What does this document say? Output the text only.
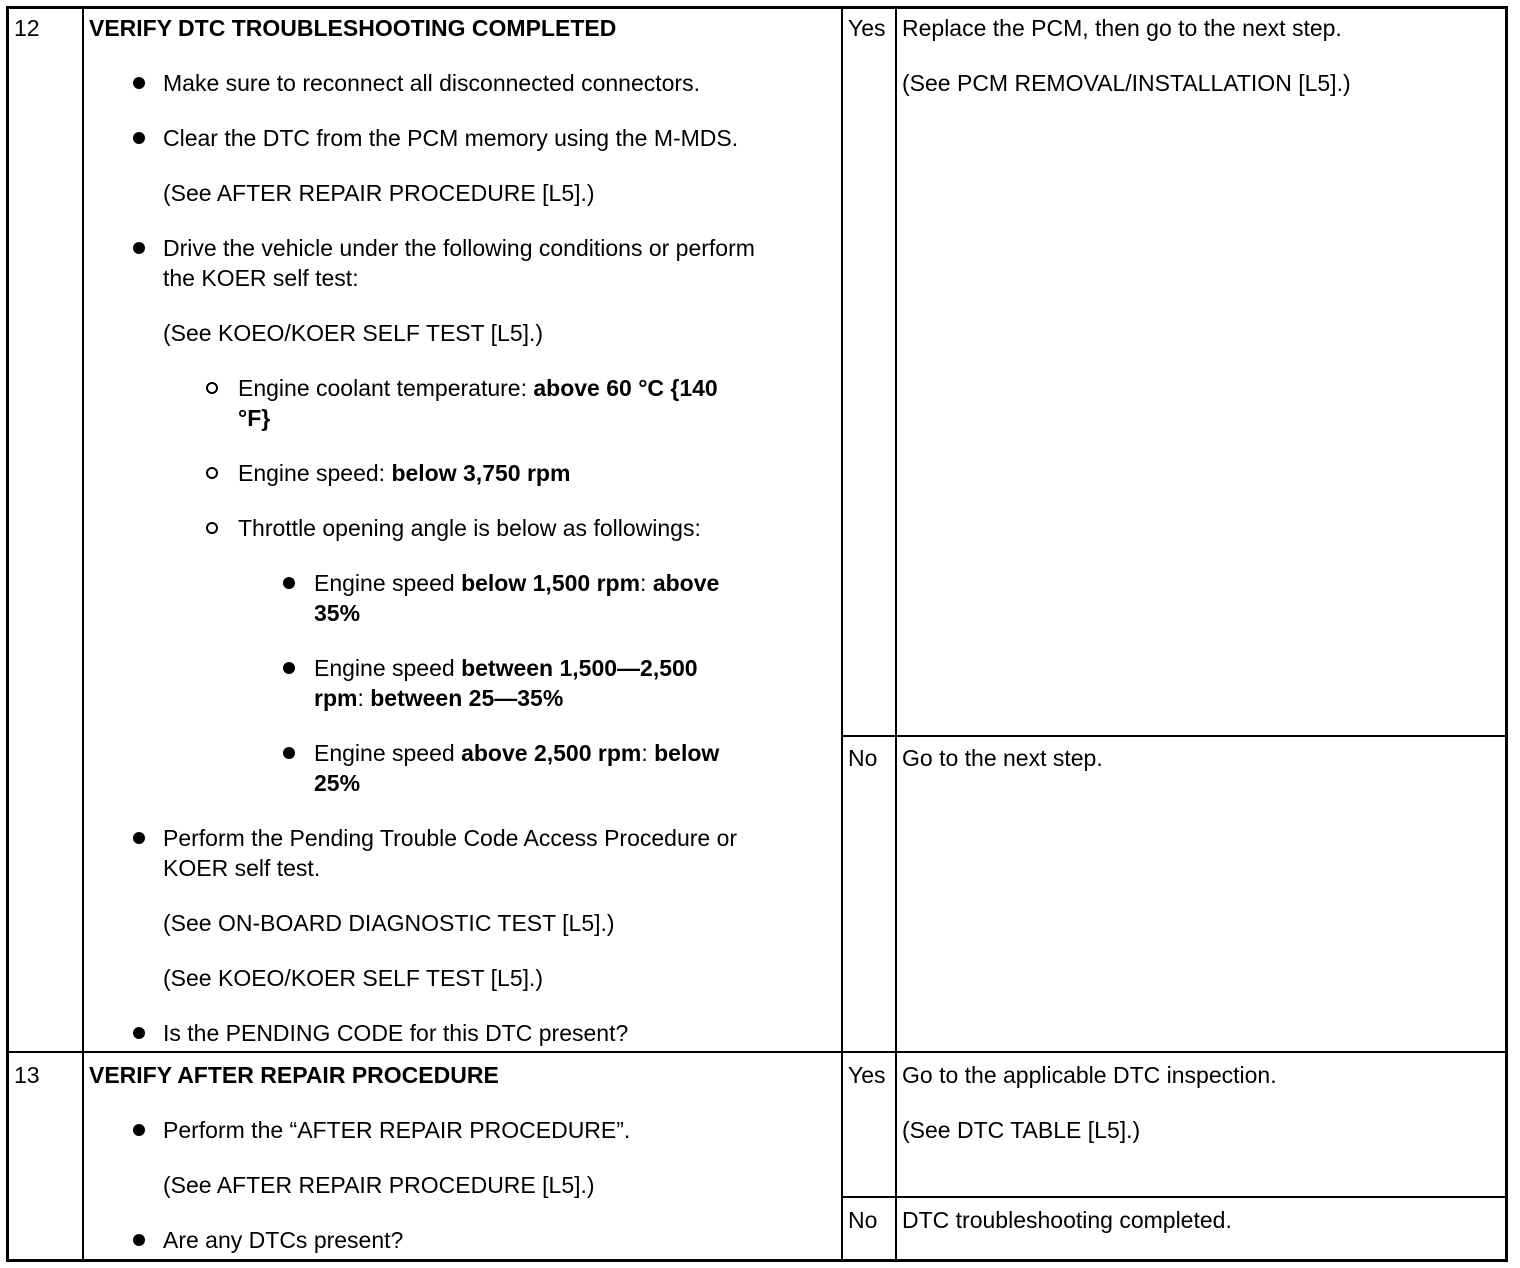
12 VERIFY DTC TROUBLESHOOTING COMPLETED
Make sure to reconnect all disconnected connectors.
Clear the DTC from the PCM memory using the M-MDS.
(See AFTER REPAIR PROCEDURE [L5].)
Drive the vehicle under the following conditions or perform
the KOER self test:
(See KOEO/KOER SELF TEST [L5].)
Engine coolant temperature: above 60 °C {140
°F}
Engine speed: below 3,750 rpm
Throttle opening angle is below as followings:
Engine speed below 1,500 rpm: above
35%
Engine speed between 1,500—2,500
rpm: between 25—35%
Engine speed above 2,500 rpm: below
25%
Perform the Pending Trouble Code Access Procedure or
KOER self test.
(See ON-BOARD DIAGNOSTIC TEST [L5].)
(See KOEO/KOER SELF TEST [L5].)
Is the PENDING CODE for this DTC present?
Yes Replace the PCM, then go to the next step.
(See PCM REMOVAL/INSTALLATION [L5].)
No Go to the next step.
13 VERIFY AFTER REPAIR PROCEDURE
Perform the “AFTER REPAIR PROCEDURE”.
(See AFTER REPAIR PROCEDURE [L5].)
Are any DTCs present?
Yes Go to the applicable DTC inspection.
(See DTC TABLE [L5].)
No DTC troubleshooting completed.
